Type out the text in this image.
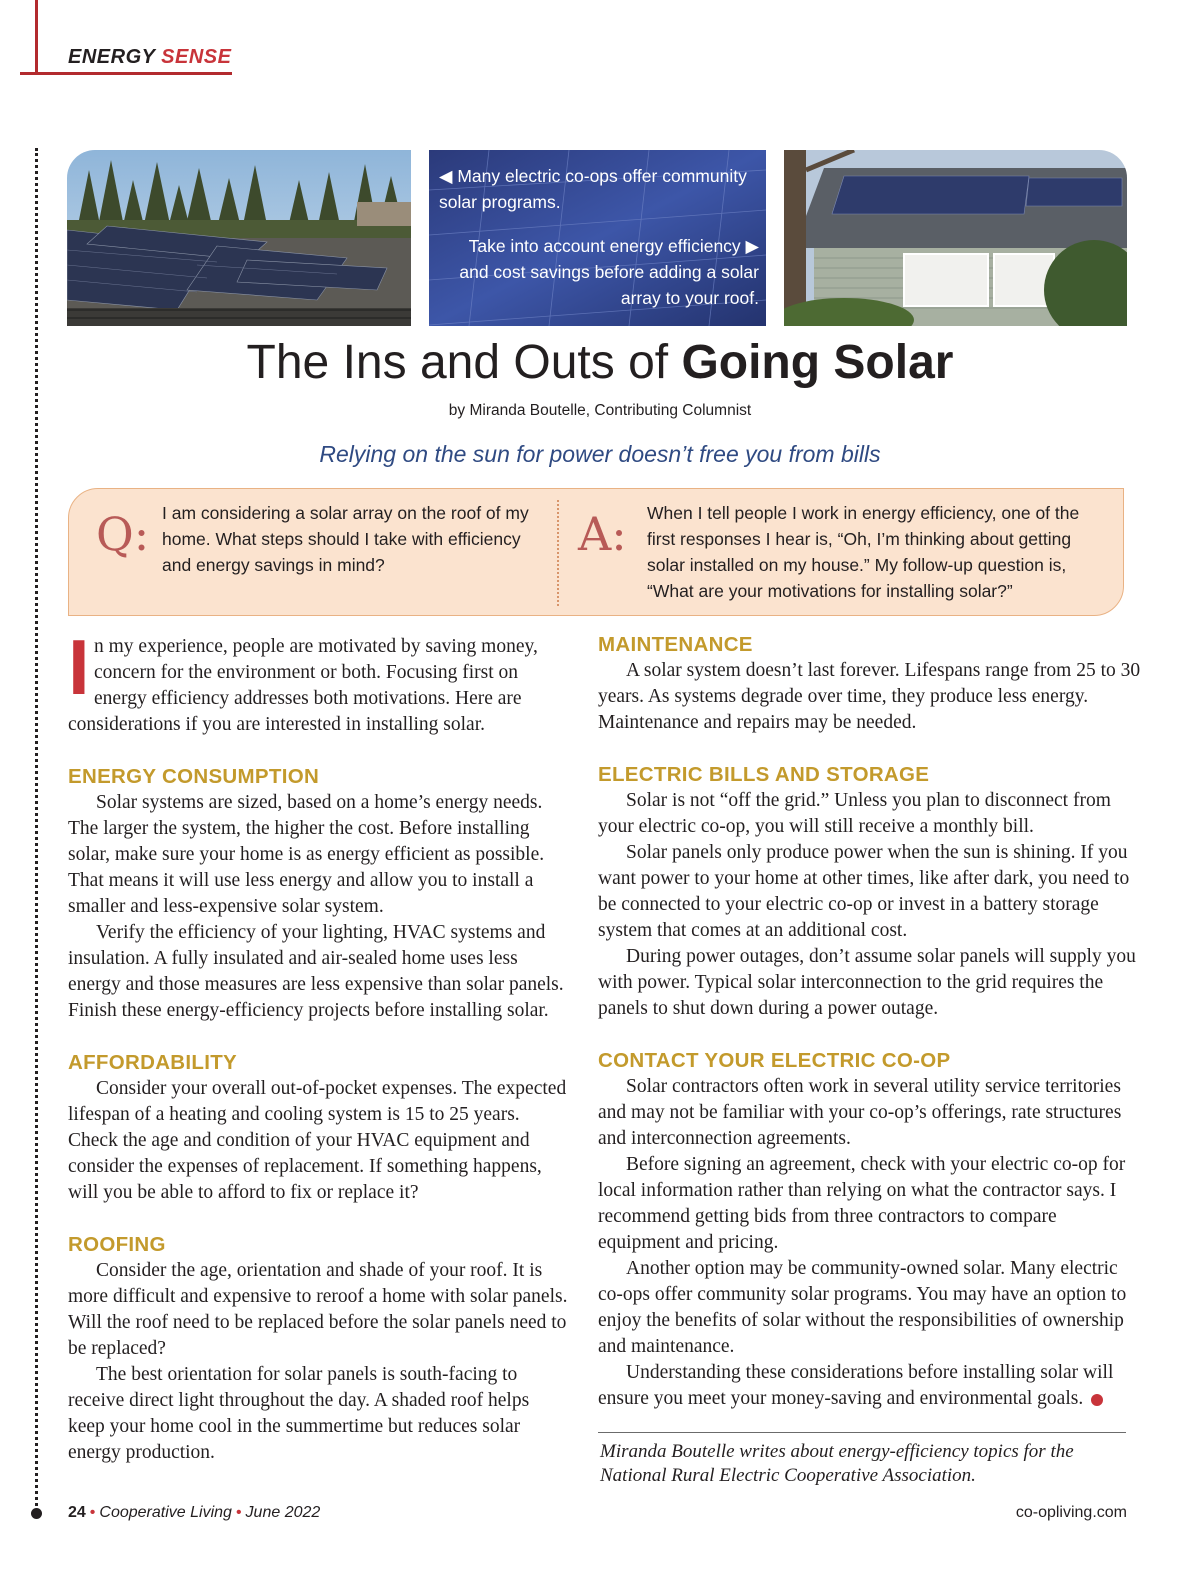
ENERGY SENSE
◀ Many electric co-ops offer community solar programs.
Take into account energy efficiency ▶ and cost savings before adding a solar array to your roof.
The Ins and Outs of Going Solar
by Miranda Boutelle, Contributing Columnist
Relying on the sun for power doesn’t free you from bills
Q: I am considering a solar array on the roof of my home. What steps should I take with efficiency and energy savings in mind?
A: When I tell people I work in energy efficiency, one of the first responses I hear is, “Oh, I’m thinking about getting solar installed on my house.” My follow-up question is, “What are your motivations for installing solar?”

I n my experience, people are motivated by saving money, concern for the environment or both. Focusing first on energy efficiency addresses both motivations. Here are considerations if you are interested in installing solar.

ENERGY CONSUMPTION

Solar systems are sized, based on a home’s energy needs. The larger the system, the higher the cost. Before installing solar, make sure your home is as energy efficient as possible. That means it will use less energy and allow you to install a smaller and less-expensive solar system.

Verify the efficiency of your lighting, HVAC systems and insulation. A fully insulated and air-sealed home uses less energy and those measures are less expensive than solar panels. Finish these energy-efficiency projects before installing solar.

AFFORDABILITY

Consider your overall out-of-pocket expenses. The expected lifespan of a heating and cooling system is 15 to 25 years. Check the age and condition of your HVAC equipment and consider the expenses of replacement. If something happens, will you be able to afford to fix or replace it?

ROOFING

Consider the age, orientation and shade of your roof. It is more difficult and expensive to reroof a home with solar panels. Will the roof need to be replaced before the solar panels need to be replaced?

The best orientation for solar panels is south-facing to receive direct light throughout the day. A shaded roof helps keep your home cool in the summertime but reduces solar energy production.

MAINTENANCE

A solar system doesn’t last forever. Lifespans range from 25 to 30 years. As systems degrade over time, they produce less energy. Maintenance and repairs may be needed.

ELECTRIC BILLS AND STORAGE

Solar is not “off the grid.” Unless you plan to disconnect from your electric co-op, you will still receive a monthly bill.

Solar panels only produce power when the sun is shining. If you want power to your home at other times, like after dark, you need to be connected to your electric co-op or invest in a battery storage system that comes at an additional cost.

During power outages, don’t assume solar panels will supply you with power. Typical solar interconnection to the grid requires the panels to shut down during a power outage.

CONTACT YOUR ELECTRIC CO-OP

Solar contractors often work in several utility service territories and may not be familiar with your co-op’s offerings, rate structures and interconnection agreements.

Before signing an agreement, check with your electric co-op for local information rather than relying on what the contractor says. I recommend getting bids from three contractors to compare equipment and pricing.

Another option may be community-owned solar. Many electric co-ops offer community solar programs. You may have an option to enjoy the benefits of solar without the responsibilities of ownership and maintenance.

Understanding these considerations before installing solar will ensure you meet your money-saving and environmental goals.

Miranda Boutelle writes about energy-efficiency topics for the National Rural Electric Cooperative Association.
24 • Cooperative Living • June 2022	co-opliving.com
